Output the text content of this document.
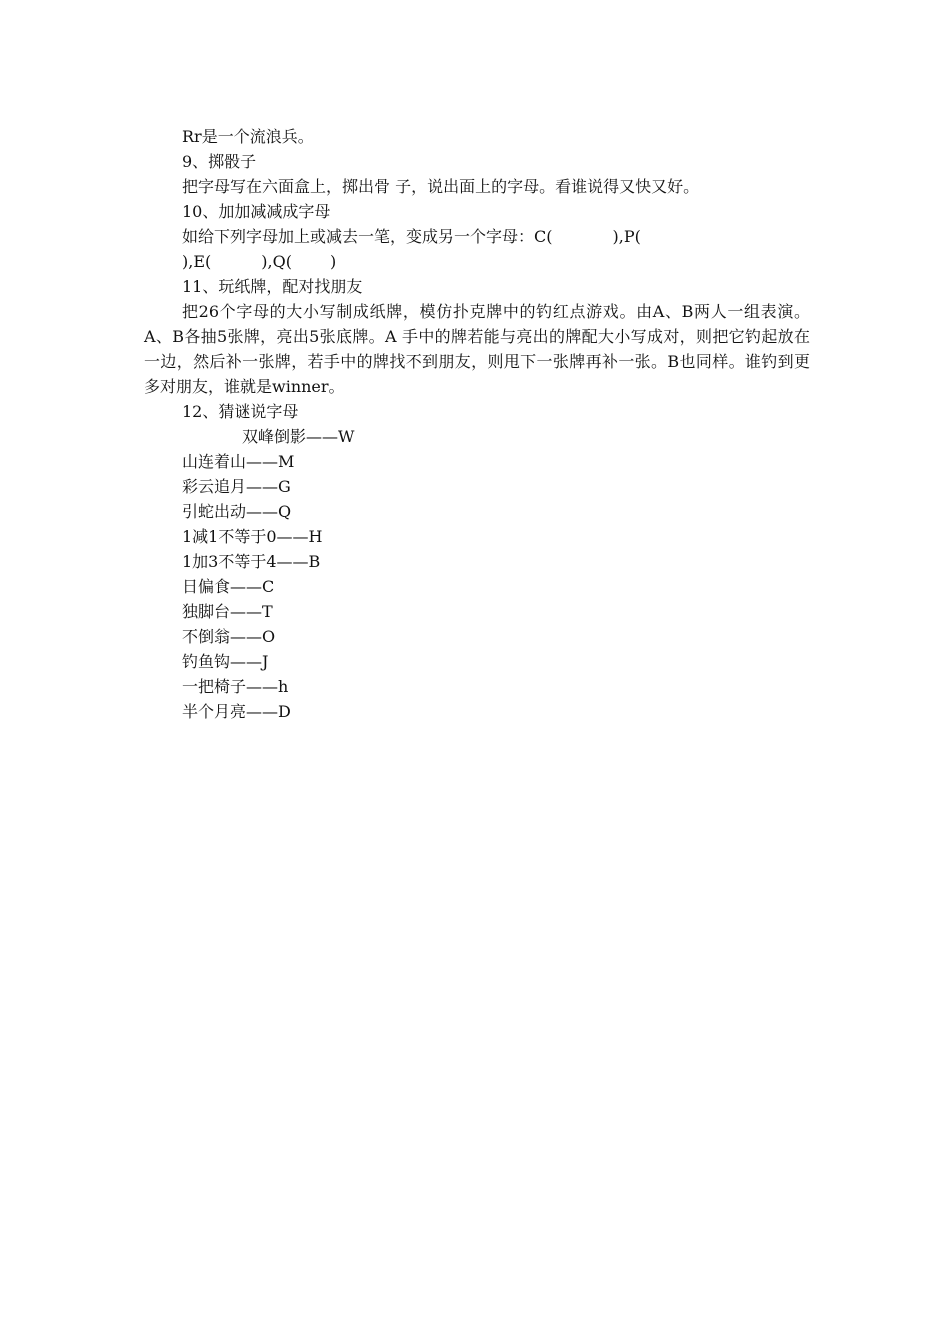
Rr是一个流浪兵。
9、掷骰子
把字母写在六面盒上，掷出骨 子，说出面上的字母。看谁说得又快又好。
10、加加减减成字母
如给下列字母加上或减去一笔，变成另一个字母：C(	),P(
),E(	),Q( )
11、玩纸牌，配对找朋友
把26个字母的大小写制成纸牌，模仿扑克牌中的钓红点游戏。由A、B两人一组表演。A、B各抽5张牌，亮出5张底牌。A 手中的牌若能与亮出的牌配大小写成对，则把它钓起放在一边，然后补一张牌，若手中的牌找不到朋友，则甩下一张牌再补一张。B也同样。谁钓到更多对朋友，谁就是winner。
12、猜谜说字母
双峰倒影——W
山连着山——M
彩云追月——G
引蛇出动——Q
1减1不等于0——H
1加3不等于4——B
日偏食——C
独脚台——T
不倒翁——O
钓鱼钩——J
一把椅子——h
半个月亮——D
